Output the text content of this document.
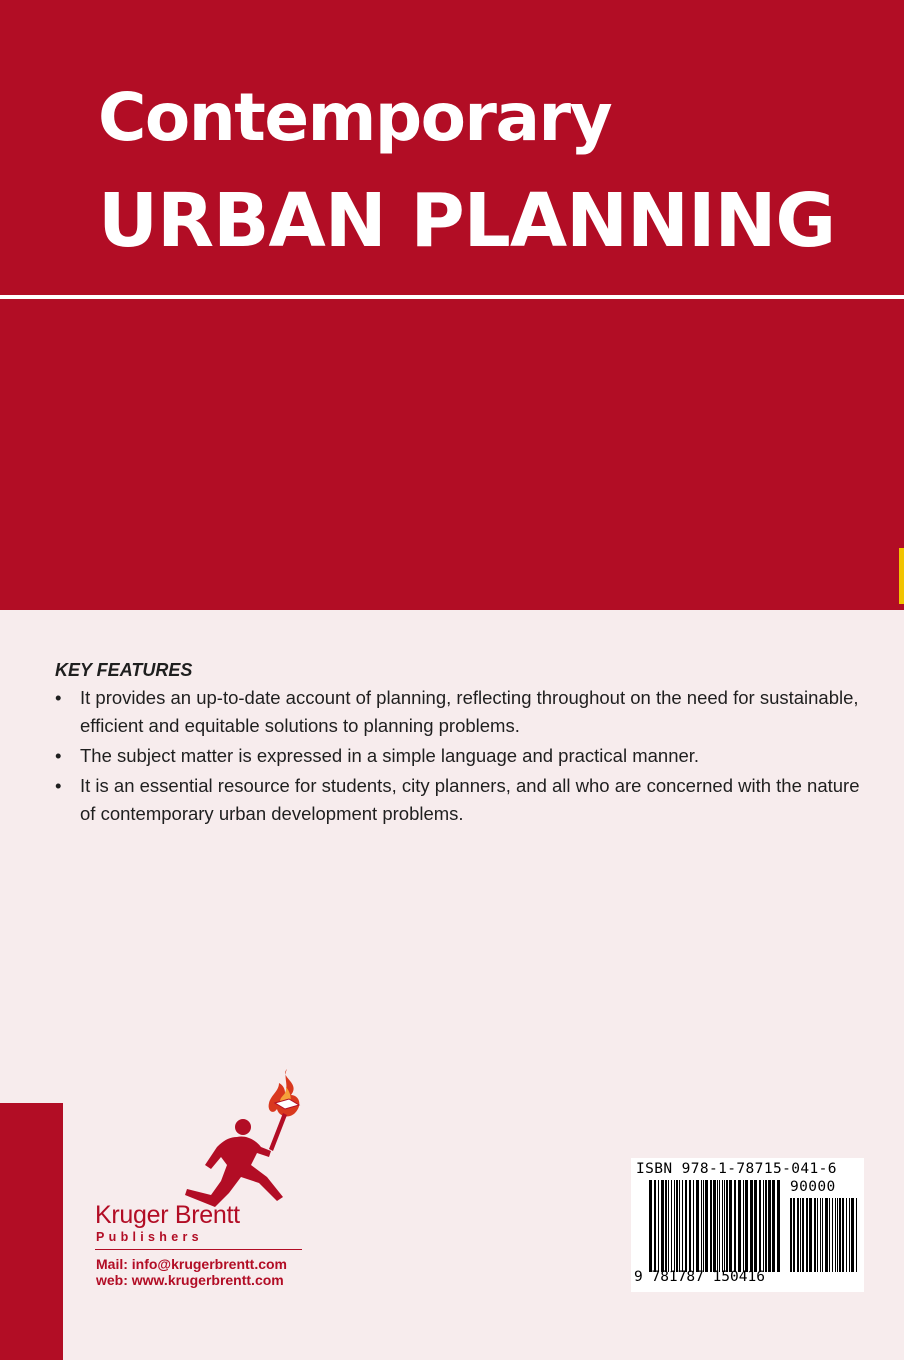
Contemporary
URBAN PLANNING
KEY FEATURES
• It provides an up-to-date account of planning, reflecting throughout on the need for sustainable, efficient and equitable solutions to planning problems.
• The subject matter is expressed in a simple language and practical manner.
• It is an essential resource for students, city planners, and all who are concerned with the nature of contemporary urban development problems.
Kruger Brentt
Publishers
Mail: info@krugerbrentt.com
web: www.krugerbrentt.com
ISBN 978-1-78715-041-6
90000
9 781787 150416
